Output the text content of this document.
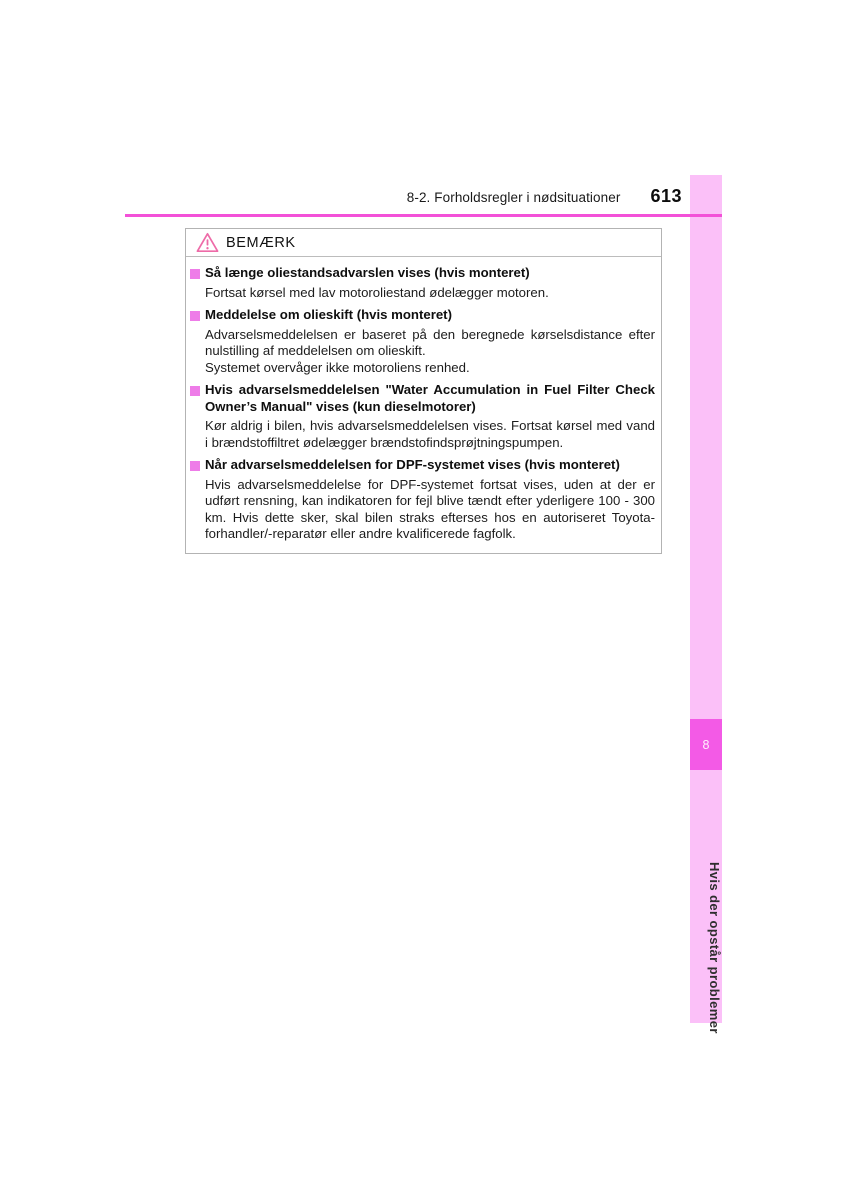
8-2. Forholdsregler i nødsituationer 613
8
Hvis der opstår problemer
BEMÆRK
Så længe oliestandsadvarslen vises (hvis monteret)

Fortsat kørsel med lav motoroliestand ødelægger motoren.

Meddelelse om olieskift (hvis monteret)

Advarselsmeddelelsen er baseret på den beregnede kørselsdistance efter nulstilling af meddelelsen om olieskift.

Systemet overvåger ikke motoroliens renhed.

Hvis advarselsmeddelelsen "Water Accumulation in Fuel Filter Check Owner’s Manual" vises (kun dieselmotorer)

Kør aldrig i bilen, hvis advarselsmeddelelsen vises. Fortsat kørsel med vand i brændstoffiltret ødelægger brændstofindsprøjtningspumpen.

Når advarselsmeddelelsen for DPF-systemet vises (hvis monteret)

Hvis advarselsmeddelelse for DPF-systemet fortsat vises, uden at der er udført rensning, kan indikatoren for fejl blive tændt efter yderligere 100 - 300 km. Hvis dette sker, skal bilen straks efterses hos en autoriseret Toyota-forhandler/-reparatør eller andre kvalificerede fagfolk.
